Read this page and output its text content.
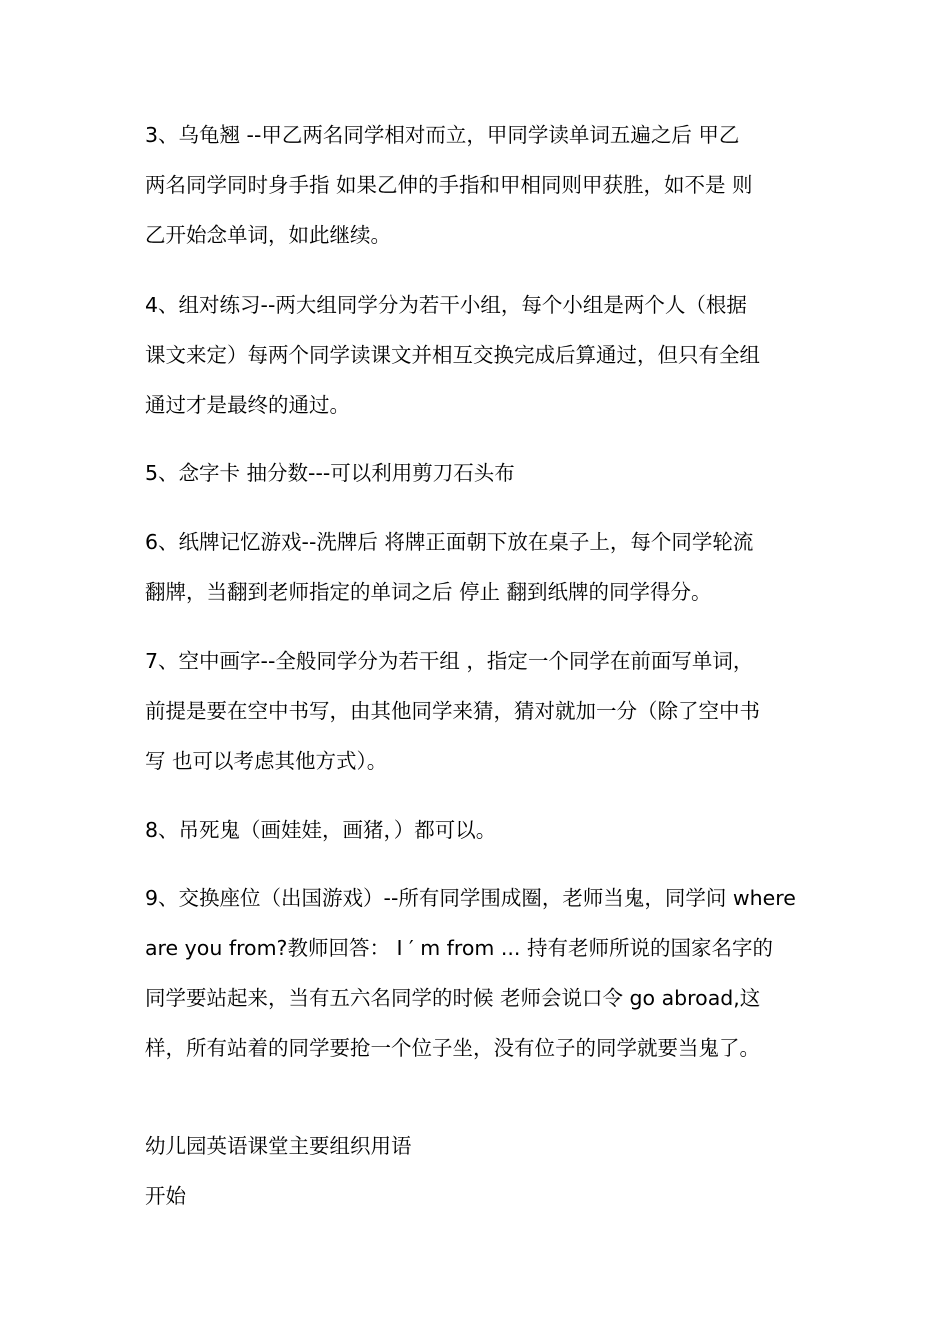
3、乌龟翘 --甲乙两名同学相对而立，甲同学读单词五遍之后 甲乙
两名同学同时身手指 如果乙伸的手指和甲相同则甲获胜，如不是 则
乙开始念单词，如此继续。

4、组对练习--两大组同学分为若干小组，每个小组是两个人（根据
课文来定）每两个同学读课文并相互交换完成后算通过，但只有全组
通过才是最终的通过。

5、念字卡 抽分数---可以利用剪刀石头布

6、纸牌记忆游戏--洗牌后 将牌正面朝下放在桌子上，每个同学轮流
翻牌，当翻到老师指定的单词之后 停止 翻到纸牌的同学得分。

7、空中画字--全般同学分为若干组 ，指定一个同学在前面写单词，
前提是要在空中书写，由其他同学来猜，猜对就加一分（除了空中书
写 也可以考虑其他方式）。

8、吊死鬼（画娃娃，画猪，）都可以。

9、交换座位（出国游戏）--所有同学围成圈，老师当鬼，同学问 where
are you from?教师回答： I ′ m from ... 持有老师所说的国家名字的
同学要站起来，当有五六名同学的时候 老师会说口令 go abroad,这
样，所有站着的同学要抢一个位子坐，没有位子的同学就要当鬼了。

幼儿园英语课堂主要组织用语
开始
